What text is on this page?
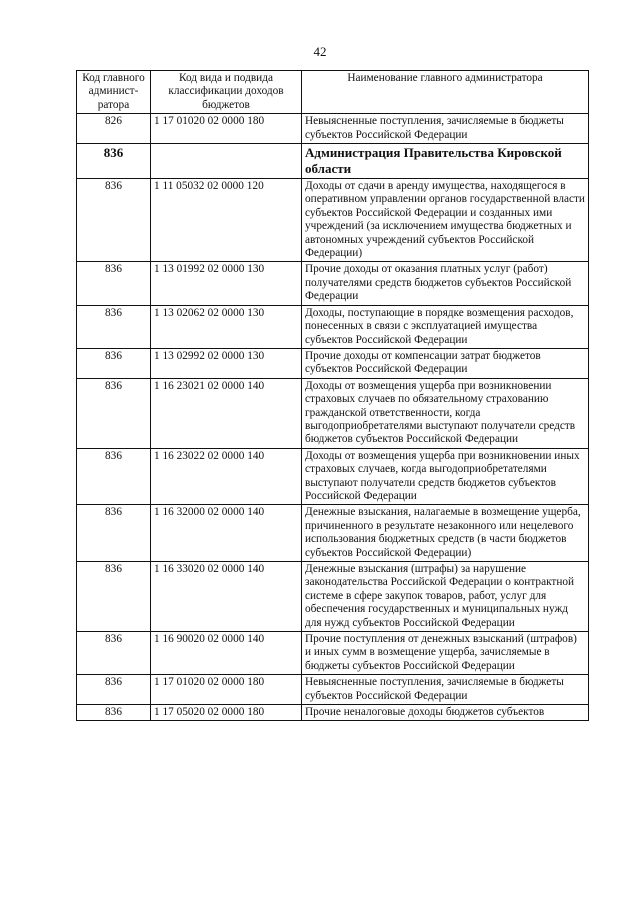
42
Код главного админист-ратора	Код вида и подвида классификации доходов бюджетов	Наименование главного администратора
826	1 17 01020 02 0000 180	Невыясненные поступления, зачисляемые в бюджеты субъектов Российской Федерации
836		Администрация Правительства Кировской области
836	1 11 05032 02 0000 120	Доходы от сдачи в аренду имущества, находящегося в оперативном управлении органов государственной власти субъектов Российской Федерации и созданных ими учреждений (за исключением имущества бюджетных и автономных учреждений субъектов Российской Федерации)
836	1 13 01992 02 0000 130	Прочие доходы от оказания платных услуг (работ) получателями средств бюджетов субъектов Российской Федерации
836	1 13 02062 02 0000 130	Доходы, поступающие в порядке возмещения расходов, понесенных в связи с эксплуатацией имущества субъектов Российской Федерации
836	1 13 02992 02 0000 130	Прочие доходы от компенсации затрат бюджетов субъектов Российской Федерации
836	1 16 23021 02 0000 140	Доходы от возмещения ущерба при возникновении страховых случаев по обязательному страхованию гражданской ответственности, когда выгодоприобретателями выступают получатели средств бюджетов субъектов Российской Федерации
836	1 16 23022 02 0000 140	Доходы от возмещения ущерба при возникновении иных страховых случаев, когда выгодоприобретателями выступают получатели средств бюджетов субъектов Российской Федерации
836	1 16 32000 02 0000 140	Денежные взыскания, налагаемые в возмещение ущерба, причиненного в результате незаконного или нецелевого использования бюджетных средств (в части бюджетов субъектов Российской Федерации)
836	1 16 33020 02 0000 140	Денежные взыскания (штрафы) за нарушение законодательства Российской Федерации о контрактной системе в сфере закупок товаров, работ, услуг для обеспечения государственных и муниципальных нужд для нужд субъектов Российской Федерации
836	1 16 90020 02 0000 140	Прочие поступления от денежных взысканий (штрафов) и иных сумм в возмещение ущерба, зачисляемые в бюджеты субъектов Российской Федерации
836	1 17 01020 02 0000 180	Невыясненные поступления, зачисляемые в бюджеты субъектов Российской Федерации
836	1 17 05020 02 0000 180	Прочие неналоговые доходы бюджетов субъектов
